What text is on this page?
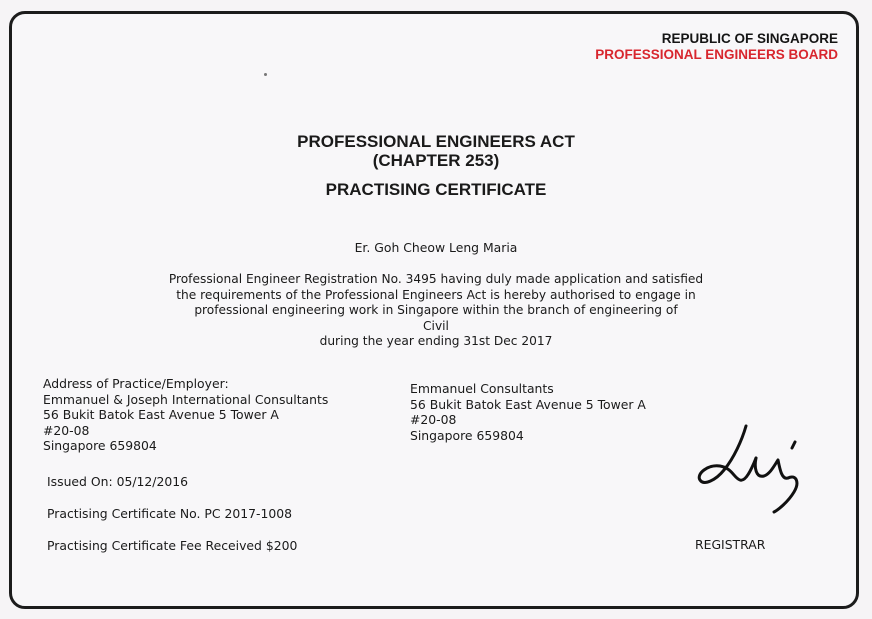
REPUBLIC OF SINGAPORE
PROFESSIONAL ENGINEERS BOARD
PROFESSIONAL ENGINEERS ACT
(CHAPTER 253)
PRACTISING CERTIFICATE
Er. Goh Cheow Leng Maria
Professional Engineer Registration No. 3495 having duly made application and satisfied
the requirements of the Professional Engineers Act is hereby authorised to engage in
professional engineering work in Singapore within the branch of engineering of
Civil
during the year ending 31st Dec 2017
Address of Practice/Employer:
Emmanuel & Joseph International Consultants
56 Bukit Batok East Avenue 5 Tower A
#20-08
Singapore 659804
Emmanuel Consultants
56 Bukit Batok East Avenue 5 Tower A
#20-08
Singapore 659804
Issued On: 05/12/2016
Practising Certificate No. PC 2017-1008
Practising Certificate Fee Received $200	REGISTRAR
